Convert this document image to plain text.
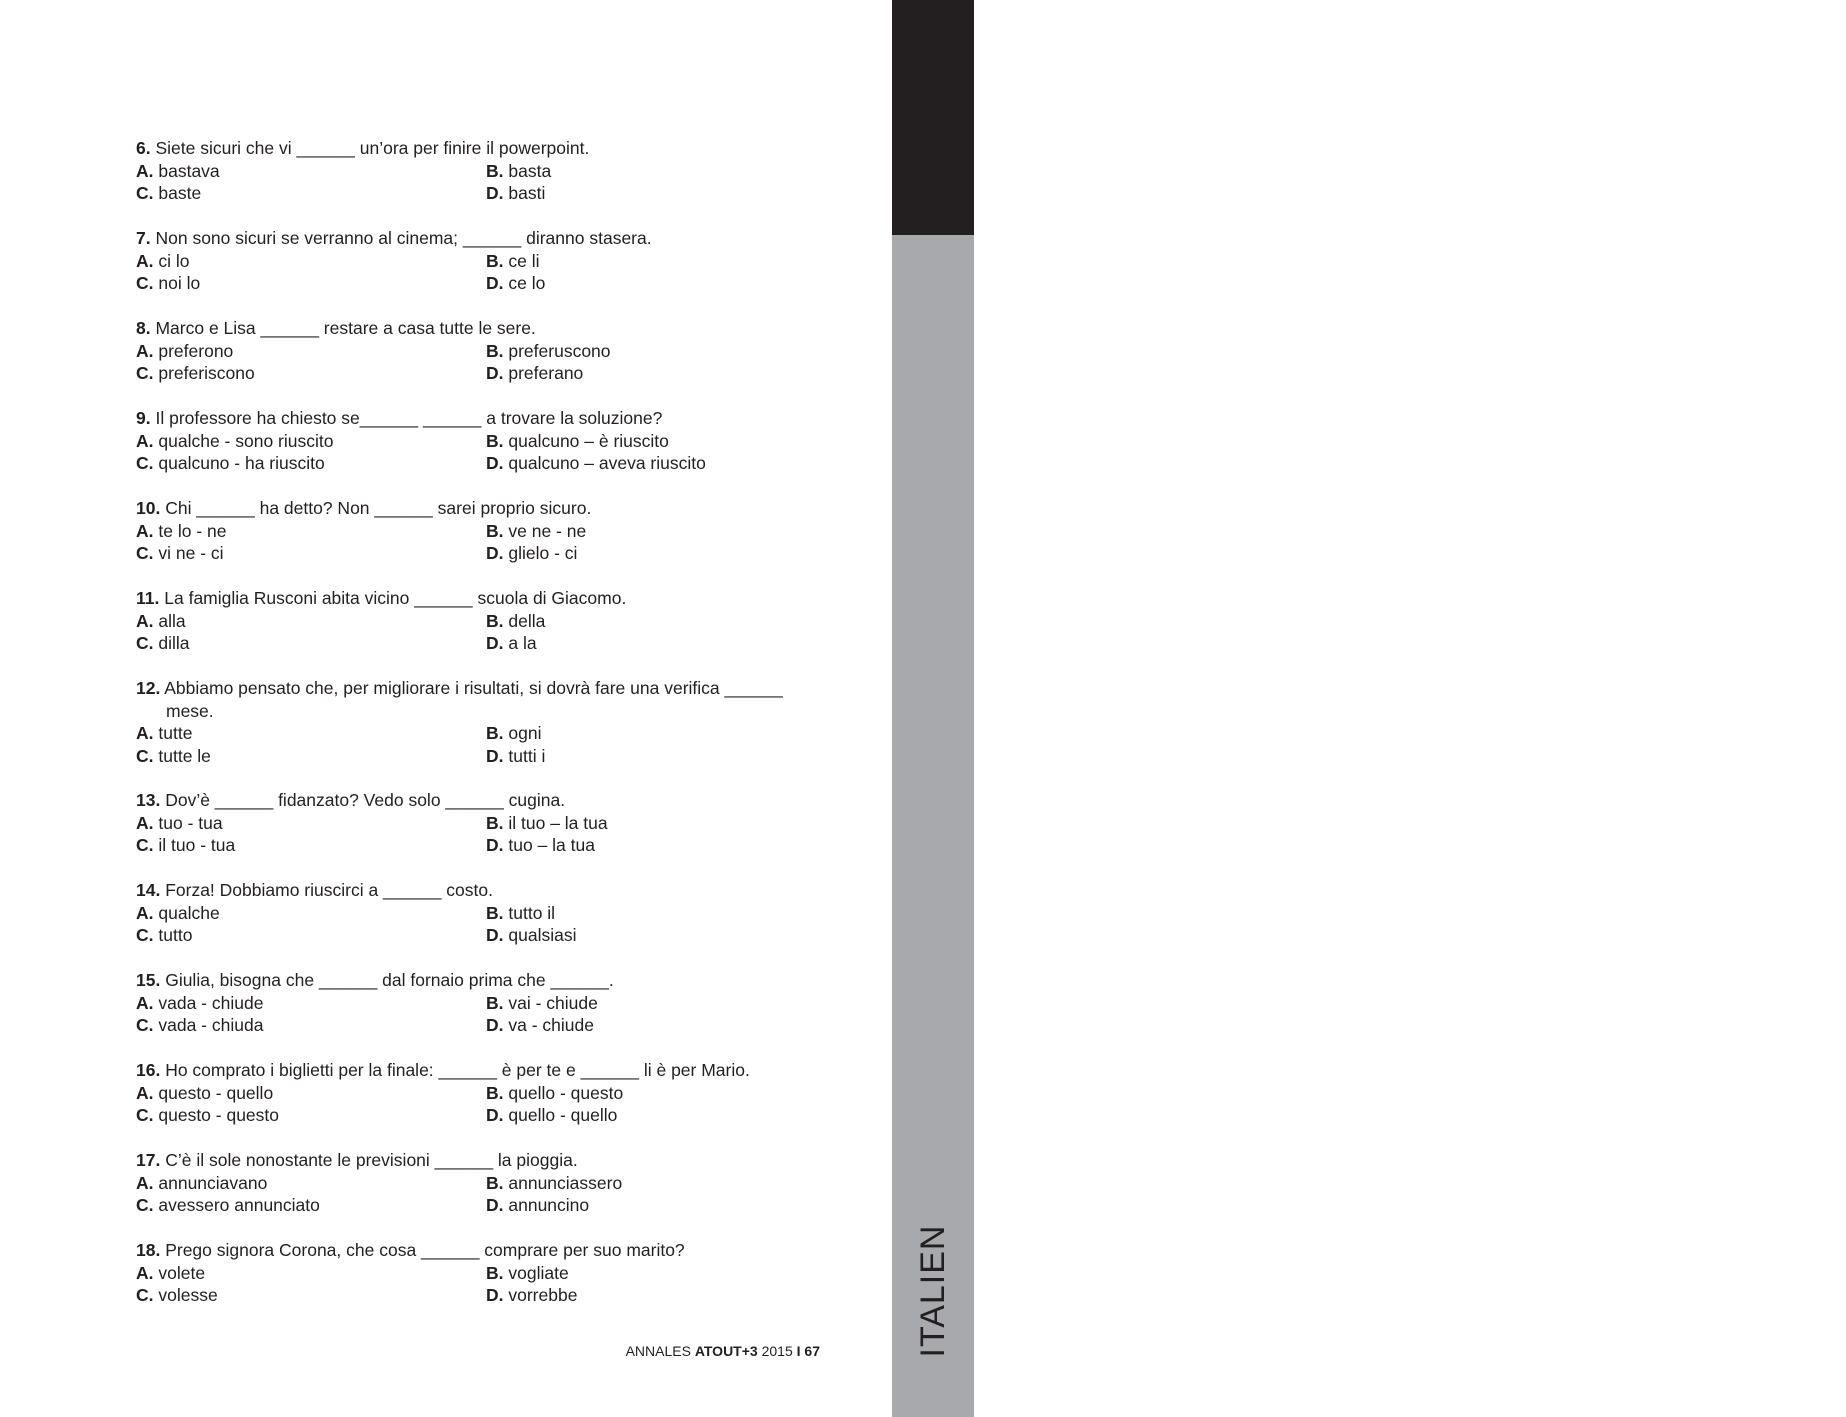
SUJET
ITALIEN
6. Siete sicuri che vi ______ un’ora per finire il powerpoint.
A. bastava	B. basta
C. baste	D. basti
7. Non sono sicuri se verranno al cinema; ______ diranno stasera.
A. ci lo	B. ce li
C. noi lo	D. ce lo
8. Marco e Lisa ______ restare a casa tutte le sere.
A. preferono	B. preferuscono
C. preferiscono	D. preferano
9. Il professore ha chiesto se______ ______ a trovare la soluzione?
A. qualche - sono riuscito	B. qualcuno – è riuscito
C. qualcuno - ha riuscito	D. qualcuno – aveva riuscito
10. Chi ______ ha detto? Non ______ sarei proprio sicuro.
A. te lo - ne	B. ve ne - ne
C. vi ne - ci	D. glielo - ci
11. La famiglia Rusconi abita vicino ______ scuola di Giacomo.
A. alla	B. della
C. dilla	D. a la
12. Abbiamo pensato che, per migliorare i risultati, si dovrà fare una verifica ______
mese.
A. tutte	B. ogni
C. tutte le	D. tutti i
13. Dov’è ______ fidanzato? Vedo solo ______ cugina.
A. tuo - tua	B. il tuo – la tua
C. il tuo - tua	D. tuo – la tua
14. Forza! Dobbiamo riuscirci a ______ costo.
A. qualche	B. tutto il
C. tutto	D. qualsiasi
15. Giulia, bisogna che ______ dal fornaio prima che ______.
A. vada - chiude	B. vai - chiude
C. vada - chiuda	D. va - chiude
16. Ho comprato i biglietti per la finale: ______ è per te e ______ li è per Mario.
A. questo - quello	B. quello - questo
C. questo - questo	D. quello - quello
17. C’è il sole nonostante le previsioni ______ la pioggia.
A. annunciavano	B. annunciassero
C. avessero annunciato	D. annuncino
18. Prego signora Corona, che cosa ______ comprare per suo marito?
A. volete	B. vogliate
C. volesse	D. vorrebbe
ANNALES ATOUT+3 2015 I 67
